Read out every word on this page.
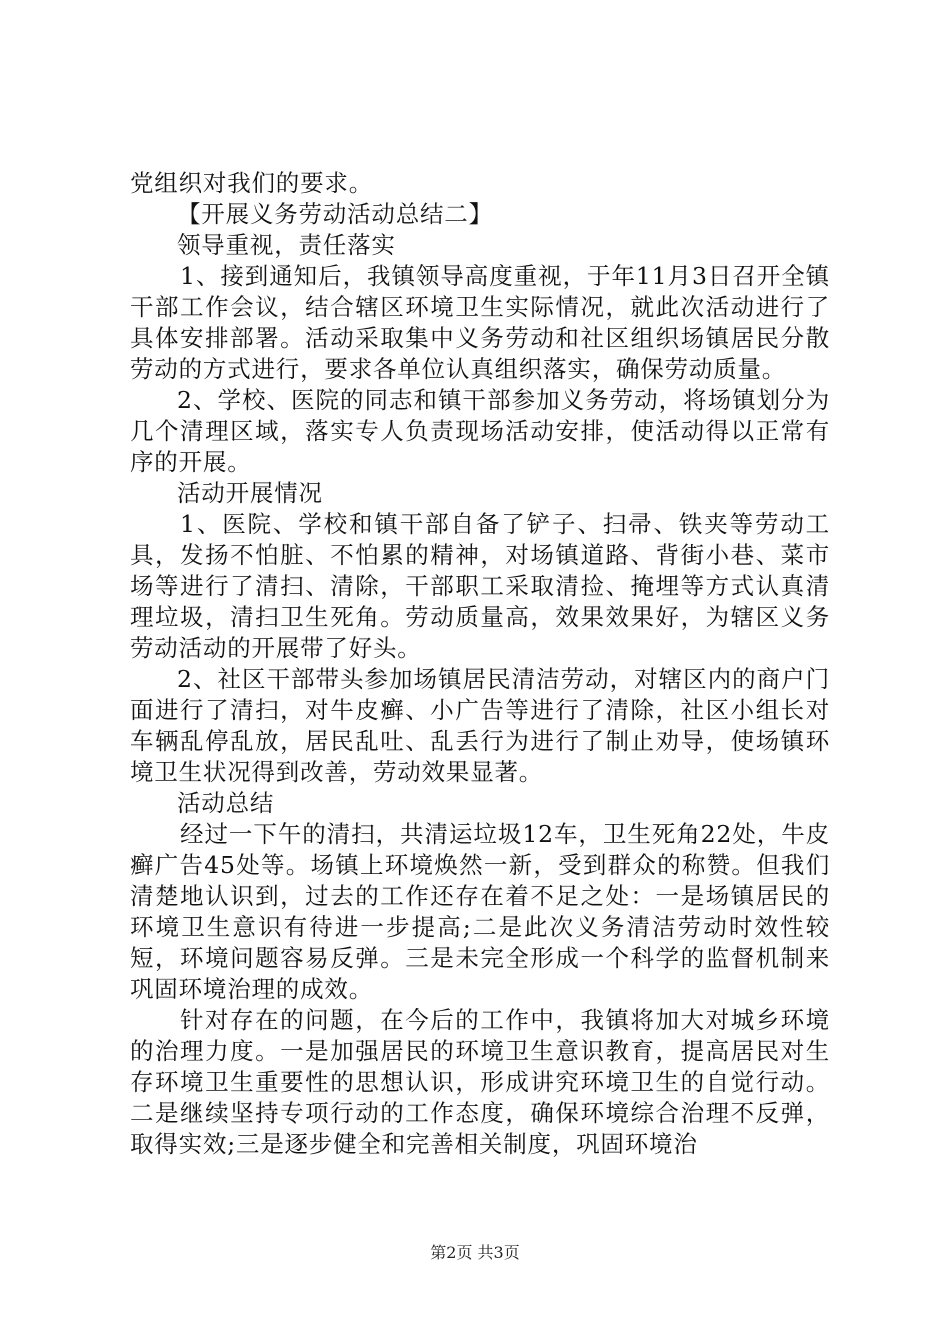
党组织对我们的要求。

【开展义务劳动活动总结二】

领导重视，责任落实

1、接到通知后，我镇领导高度重视，于年11月3日召开全镇干部工作会议，结合辖区环境卫生实际情况，就此次活动进行了具体安排部署。活动采取集中义务劳动和社区组织场镇居民分散劳动的方式进行，要求各单位认真组织落实，确保劳动质量。

2、学校、医院的同志和镇干部参加义务劳动，将场镇划分为几个清理区域，落实专人负责现场活动安排，使活动得以正常有序的开展。

活动开展情况

1、医院、学校和镇干部自备了铲子、扫帚、铁夹等劳动工具，发扬不怕脏、不怕累的精神，对场镇道路、背街小巷、菜市场等进行了清扫、清除，干部职工采取清捡、掩埋等方式认真清理垃圾，清扫卫生死角。劳动质量高，效果效果好，为辖区义务劳动活动的开展带了好头。

2、社区干部带头参加场镇居民清洁劳动，对辖区内的商户门面进行了清扫，对牛皮癣、小广告等进行了清除，社区小组长对车辆乱停乱放，居民乱吐、乱丢行为进行了制止劝导，使场镇环境卫生状况得到改善，劳动效果显著。

活动总结

经过一下午的清扫，共清运垃圾12车，卫生死角22处，牛皮癣广告45处等。场镇上环境焕然一新，受到群众的称赞。但我们清楚地认识到，过去的工作还存在着不足之处：一是场镇居民的环境卫生意识有待进一步提高;二是此次义务清洁劳动时效性较短，环境问题容易反弹。三是未完全形成一个科学的监督机制来巩固环境治理的成效。

针对存在的问题，在今后的工作中，我镇将加大对城乡环境的治理力度。一是加强居民的环境卫生意识教育，提高居民对生存环境卫生重要性的思想认识，形成讲究环境卫生的自觉行动。二是继续坚持专项行动的工作态度，确保环境综合治理不反弹，取得实效;三是逐步健全和完善相关制度，巩固环境治

第2页 共3页
